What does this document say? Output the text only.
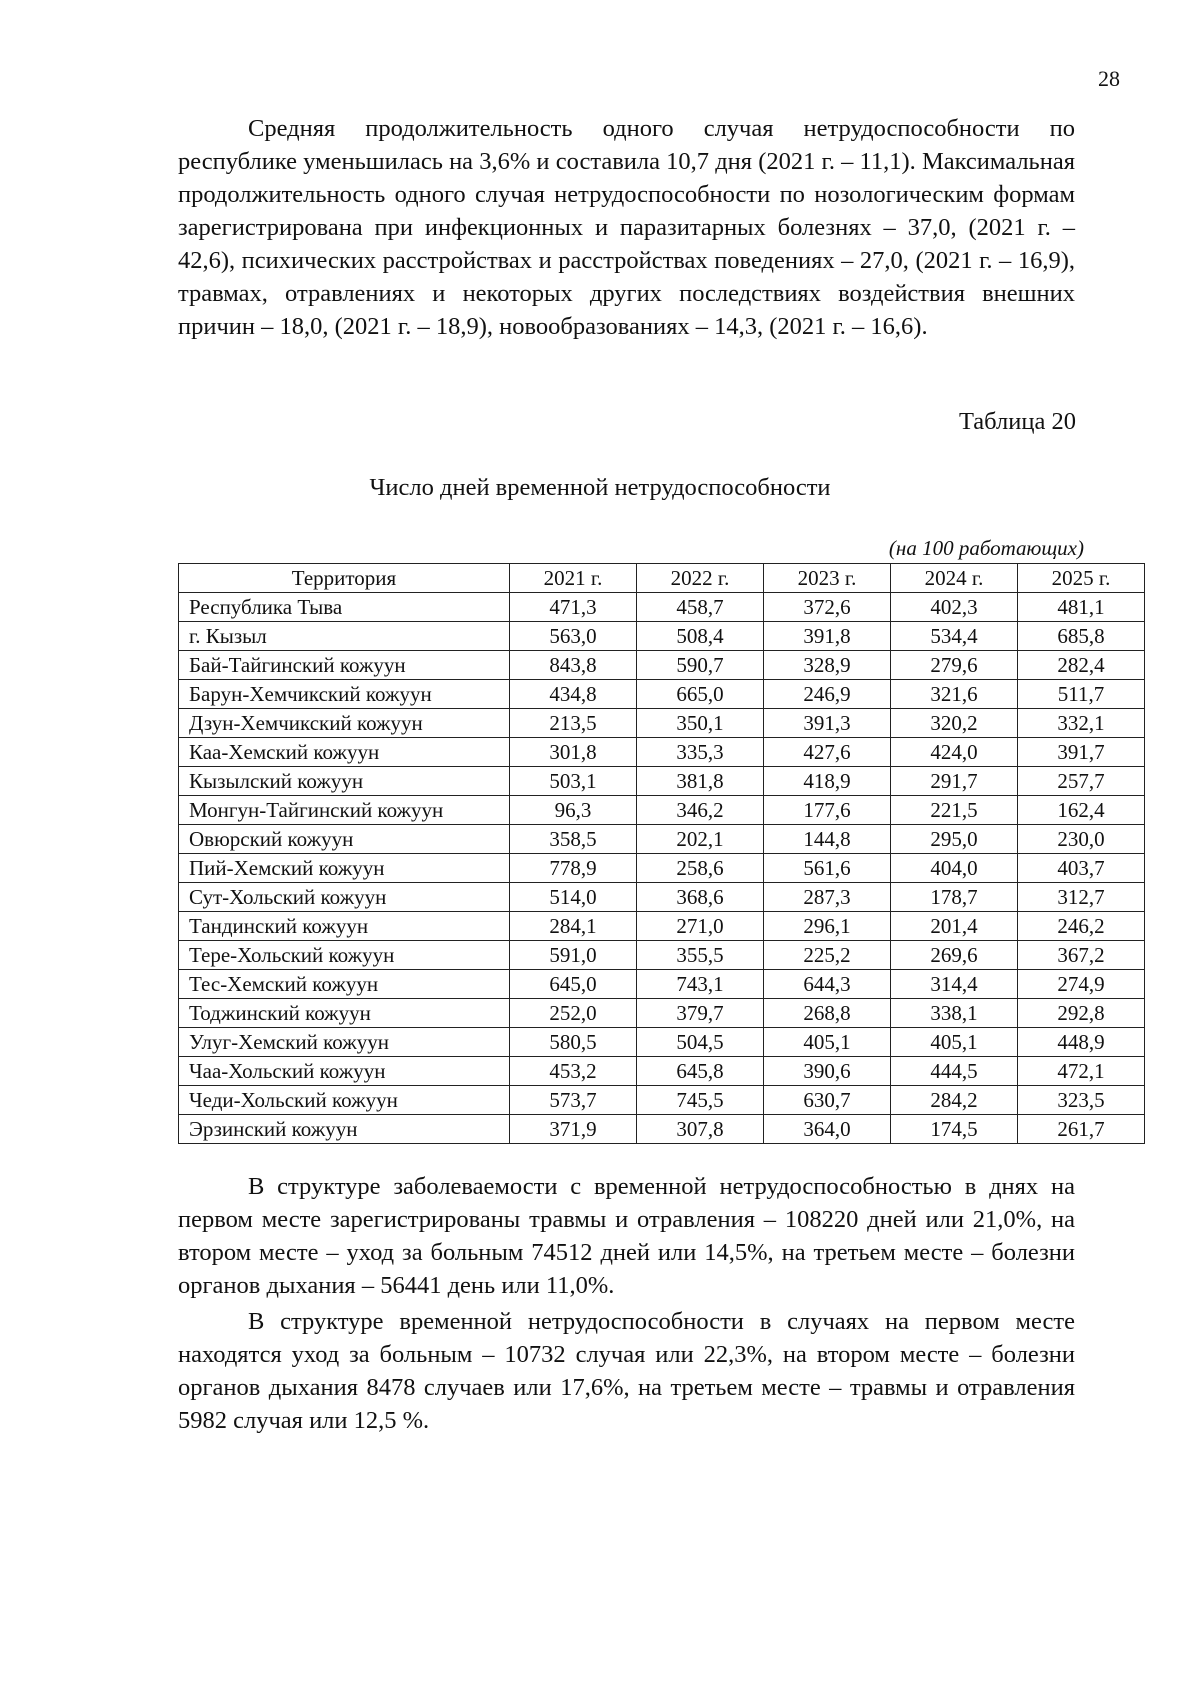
28

Средняя продолжительность одного случая нетрудоспособности по республике уменьшилась на 3,6% и составила 10,7 дня (2021 г. – 11,1). Максимальная продолжительность одного случая нетрудоспособности по нозологическим формам зарегистрирована при инфекционных и паразитарных болезнях – 37,0, (2021 г. – 42,6), психических расстройствах и расстройствах поведениях – 27,0, (2021 г. – 16,9), травмах, отравлениях и некоторых других последствиях воздействия внешних причин – 18,0, (2021 г. – 18,9), новообразованиях – 14,3, (2021 г. – 16,6).

Таблица 20
Число дней временной нетрудоспособности
(на 100 работающих)
Территория	2021 г.	2022 г.	2023 г.	2024 г.	2025 г.
Республика Тыва	471,3	458,7	372,6	402,3	481,1
г. Кызыл	563,0	508,4	391,8	534,4	685,8
Бай-Тайгинский кожуун	843,8	590,7	328,9	279,6	282,4
Барун-Хемчикский кожуун	434,8	665,0	246,9	321,6	511,7
Дзун-Хемчикский кожуун	213,5	350,1	391,3	320,2	332,1
Каа-Хемский кожуун	301,8	335,3	427,6	424,0	391,7
Кызылский кожуун	503,1	381,8	418,9	291,7	257,7
Монгун-Тайгинский кожуун	96,3	346,2	177,6	221,5	162,4
Овюрский кожуун	358,5	202,1	144,8	295,0	230,0
Пий-Хемский кожуун	778,9	258,6	561,6	404,0	403,7
Сут-Хольский кожуун	514,0	368,6	287,3	178,7	312,7
Тандинский кожуун	284,1	271,0	296,1	201,4	246,2
Тере-Хольский кожуун	591,0	355,5	225,2	269,6	367,2
Тес-Хемский кожуун	645,0	743,1	644,3	314,4	274,9
Тоджинский кожуун	252,0	379,7	268,8	338,1	292,8
Улуг-Хемский кожуун	580,5	504,5	405,1	405,1	448,9
Чаа-Хольский кожуун	453,2	645,8	390,6	444,5	472,1
Чеди-Хольский кожуун	573,7	745,5	630,7	284,2	323,5
Эрзинский кожуун	371,9	307,8	364,0	174,5	261,7

В структуре заболеваемости с временной нетрудоспособностью в днях на первом месте зарегистрированы травмы и отравления – 108220 дней или 21,0%, на втором месте – уход за больным 74512 дней или 14,5%, на третьем месте – болезни органов дыхания – 56441 день или 11,0%.

В структуре временной нетрудоспособности в случаях на первом месте находятся уход за больным – 10732 случая или 22,3%, на втором месте – болезни органов дыхания 8478 случаев или 17,6%, на третьем месте – травмы и отравления 5982 случая или 12,5 %.
